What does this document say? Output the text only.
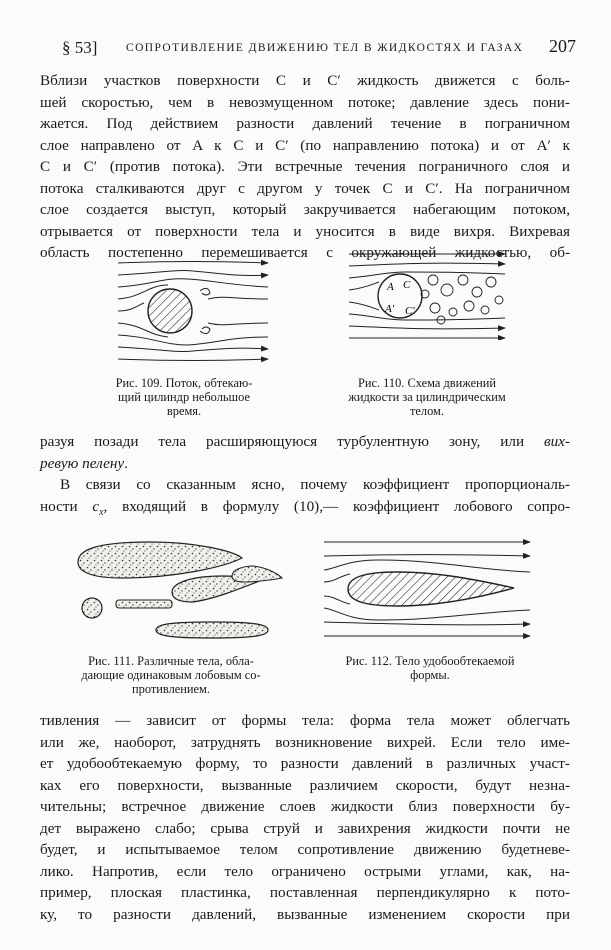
§ 53] СОПРОТИВЛЕНИЕ ДВИЖЕНИЮ ТЕЛ В ЖИДКОСТЯХ И ГАЗАХ 207

Вблизи участков поверхности C и C′ жидкость движется с боль-
шей скоростью, чем в невозмущенном потоке; давление здесь пони-
жается. Под действием разности давлений течение в пограничном
слое направлено от A к C и C′ (по направлению потока) и от A′ к
C и C′ (против потока). Эти встречные течения пограничного слоя и
потока сталкиваются друг с другом у точек C и C′. На пограничном
слое создается выступ, который закручивается набегающим потоком,
отрывается от поверхности тела и уносится в виде вихря. Вихревая
область постепенно перемешивается с окружающей жидкостью, об-

Рис. 109. Поток, обтекаю-
щий цилиндр небольшое
время.
A C
A′ C′
Рис. 110. Схема движений
жидкости за цилиндрическим
телом.

разуя позади тела расширяющуюся турбулентную зону, или вих-
ревую пелену.
В связи со сказанным ясно, почему коэффициент пропорциональ-
ности $c_x$, входящий в формулу (10),— коэффициент лобового сопро-

Рис. 111. Различные тела, обла-
дающие одинаковым лобовым со-
противлением.
Рис. 112. Тело удобообтекаемой
формы.

тивления — зависит от формы тела: форма тела может облегчать
или же, наоборот, затруднять возникновение вихрей. Если тело име-
ет удобообтекаемую форму, то разности давлений в различных участ-
ках его поверхности, вызванные различием скорости, будут незна-
чительны; встречное движение слоев жидкости близ поверхности бу-
дет выражено слабо; срыва струй и завихрения жидкости почти не
будет, и испытываемое телом сопротивление движению будетневе-
лико. Напротив, если тело ограничено острыми углами, как, на-
пример, плоская пластинка, поставленная перпендикулярно к пото-
ку, то разности давлений, вызванные изменением скорости при
